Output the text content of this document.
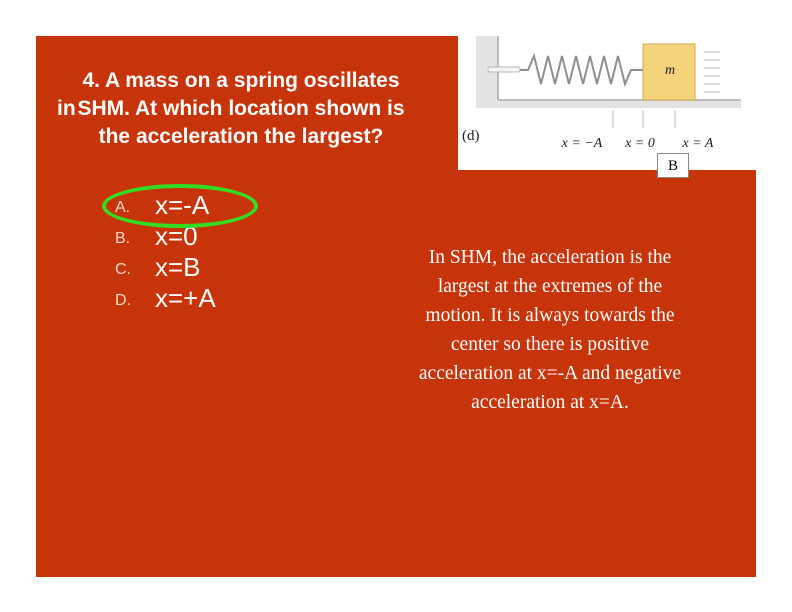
4. A mass on a spring oscillates
SHM. At which location shown is
the acceleration the largest?
in
m
(d)	x = −A x = 0 x = A
B
A. x=-A
B. x=0
C. x=B
D. x=+A
In SHM, the acceleration is the
largest at the extremes of the
motion. It is always towards the
center so there is positive
acceleration at x=-A and negative
acceleration at x=A.
